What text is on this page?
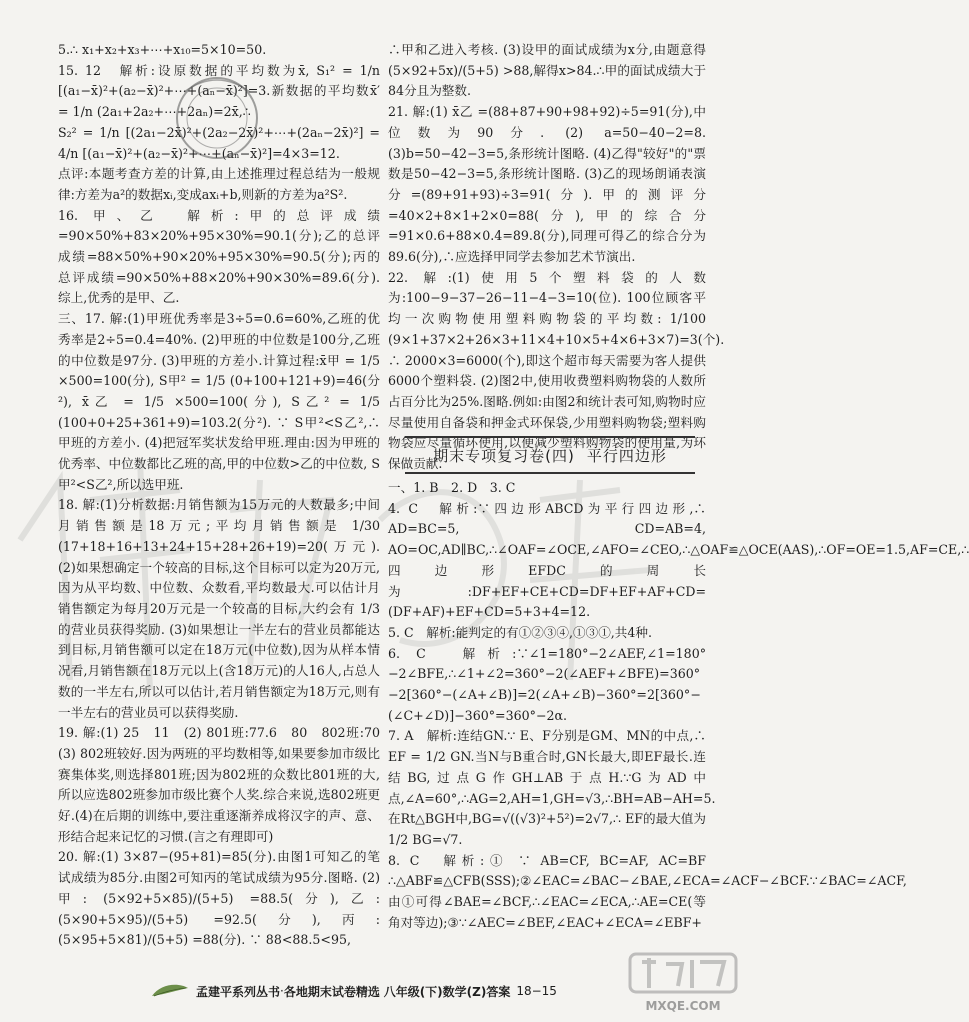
5.∴ x₁+x₂+x₃+⋯+x₁₀=5×10=50.

15. 12　解析:设原数据的平均数为x̄, S₁² = 1/n [(a₁−x̄)²+(a₂−x̄)²+⋯+(aₙ−x̄)²]=3.新数据的平均数x̄′ = 1/n (2a₁+2a₂+⋯+2aₙ)=2x̄,∴

S₂² = 1/n [(2a₁−2x̄)²+(2a₂−2x̄)²+⋯+(2aₙ−2x̄)²] = 4/n [(a₁−x̄)²+(a₂−x̄)²+⋯+(aₙ−x̄)²]=4×3=12.

点评:本题考查方差的计算,由上述推理过程总结为一般规律:方差为a²的数据xᵢ,变成axᵢ+b,则新的方差为a²S².

16. 甲、乙　解析:甲的总评成绩=90×50%+83×20%+95×30%=90.1(分);乙的总评成绩=88×50%+90×20%+95×30%=90.5(分);丙的总评成绩=90×50%+88×20%+90×30%=89.6(分).综上,优秀的是甲、乙.

三、17. 解:(1)甲班优秀率是3÷5=0.6=60%,乙班的优秀率是2÷5=0.4=40%. (2)甲班的中位数是100分,乙班的中位数是97分. (3)甲班的方差小.计算过程:x̄甲 = 1/5 ×500=100(分), S甲² = 1/5 (0+100+121+9)=46(分²), x̄乙 = 1/5 ×500=100(分), S乙² = 1/5 (100+0+25+361+9)=103.2(分²). ∵ S甲²<S乙²,∴甲班的方差小. (4)把冠军奖状发给甲班.理由:因为甲班的优秀率、中位数都比乙班的高,甲的中位数>乙的中位数, S甲²<S乙²,所以选甲班.

18. 解:(1)分析数据:月销售额为15万元的人数最多;中间月销售额是18万元;平均月销售额是 1/30 (17+18+16+13+24+15+28+26+19)=20(万元). (2)如果想确定一个较高的目标,这个目标可以定为20万元,因为从平均数、中位数、众数看,平均数最大.可以估计月销售额定为每月20万元是一个较高的目标,大约会有 1/3 的营业员获得奖励. (3)如果想让一半左右的营业员都能达到目标,月销售额可以定在18万元(中位数),因为从样本情况看,月销售额在18万元以上(含18万元)的人16人,占总人数的一半左右,所以可以估计,若月销售额定为18万元,则有一半左右的营业员可以获得奖励.

19. 解:(1) 25　11　(2) 801班:77.6　80　802班:70　(3) 802班较好.因为两班的平均数相等,如果要参加市级比赛集体奖,则选择801班;因为802班的众数比801班的大,所以应选802班参加市级比赛个人奖.综合来说,选802班更好.(4)在后期的训练中,要注重逐渐养成将汉字的声、意、形结合起来记忆的习惯.(言之有理即可)

20. 解:(1) 3×87−(95+81)=85(分).由图1可知乙的笔试成绩为85分.由图2可知丙的笔试成绩为95分.图略. (2)甲: (5×92+5×85)/(5+5) =88.5(分),乙: (5×90+5×95)/(5+5) =92.5(分),丙: (5×95+5×81)/(5+5) =88(分). ∵ 88<88.5<95,

∴甲和乙进入考核. (3)设甲的面试成绩为x分,由题意得 (5×92+5x)/(5+5) >88,解得x>84.∴甲的面试成绩大于84分且为整数.

21. 解:(1) x̄乙 =(88+87+90+98+92)÷5=91(分),中位数为90分. (2) a=50−40−2=8. (3)b=50−42−3=5,条形统计图略. (4)乙得"较好"的"票数是50−42−3=5,条形统计图略. (3)乙的现场朗诵表演分=(89+91+93)÷3=91(分).甲的测评分=40×2+8×1+2×0=88(分),甲的综合分=91×0.6+88×0.4=89.8(分),同理可得乙的综合分为89.6(分),∴应选择甲同学去参加艺术节演出.

22. 解:(1)使用5个塑料袋的人数为:100−9−37−26−11−4−3=10(位). 100位顾客平均一次购物使用塑料购物袋的平均数: 1/100 (9×1+37×2+26×3+11×4+10×5+4×6+3×7)=3(个). ∴ 2000×3=6000(个),即这个超市每天需要为客人提供6000个塑料袋. (2)图2中,使用收费塑料购物袋的人数所占百分比为25%.图略.例如:由图2和统计表可知,购物时应尽量使用自备袋和押金式环保袋,少用塑料购物袋;塑料购物袋应尽量循环使用,以便减少塑料购物袋的使用量,为环保做贡献.

期末专项复习卷(四) 平行四边形

一、1. B　2. D　3. C

4. C　解析:∵四边形ABCD为平行四边形,∴ AD=BC=5, CD=AB=4, AO=OC,AD∥BC,∴∠OAF=∠OCE,∠AFO=∠CEO,∴△OAF≌△OCE(AAS),∴OF=OE=1.5,AF=CE,∴四边形EFDC的周长为:DF+EF+CE+CD=DF+EF+AF+CD=(DF+AF)+EF+CD=5+3+4=12.

5. C　解析:能判定的有①②③④,①③①,共4种.

6. C　解析:∵∠1=180°−2∠AEF,∠1=180°−2∠BFE,∴∠1+∠2=360°−2(∠AEF+∠BFE)=360°−2[360°−(∠A+∠B)]=2(∠A+∠B)−360°=2[360°−(∠C+∠D)]−360°=360°−2α.

7. A　解析:连结GN.∵ E、F分别是GM、MN的中点,∴ EF = 1/2 GN.当N与B重合时,GN长最大,即EF最长.连结BG,过点G作GH⊥AB于点H.∵G为AD中点,∠A=60°,∴AG=2,AH=1,GH=√3,∴BH=AB−AH=5.在Rt△BGH中,BG=√((√3)²+5²)=2√7,∴ EF的最大值为 1/2 BG=√7.

8. C　解析:① ∵ AB=CF, BC=AF, AC=BF ∴△ABF≌△CFB(SSS);②∠EAC=∠BAC−∠BAE,∠ECA=∠ACF−∠BCF.∵∠BAC=∠ACF,由①可得∠BAE=∠BCF,∴∠EAC=∠ECA,∴AE=CE(等角对等边);③∵∠AEC=∠BEF,∠EAC+∠ECA=∠EBF+

孟建平系列丛书 · 各地期末试卷精选
八年级(下)数学(Z)答案 18−15
MXQE.COM
